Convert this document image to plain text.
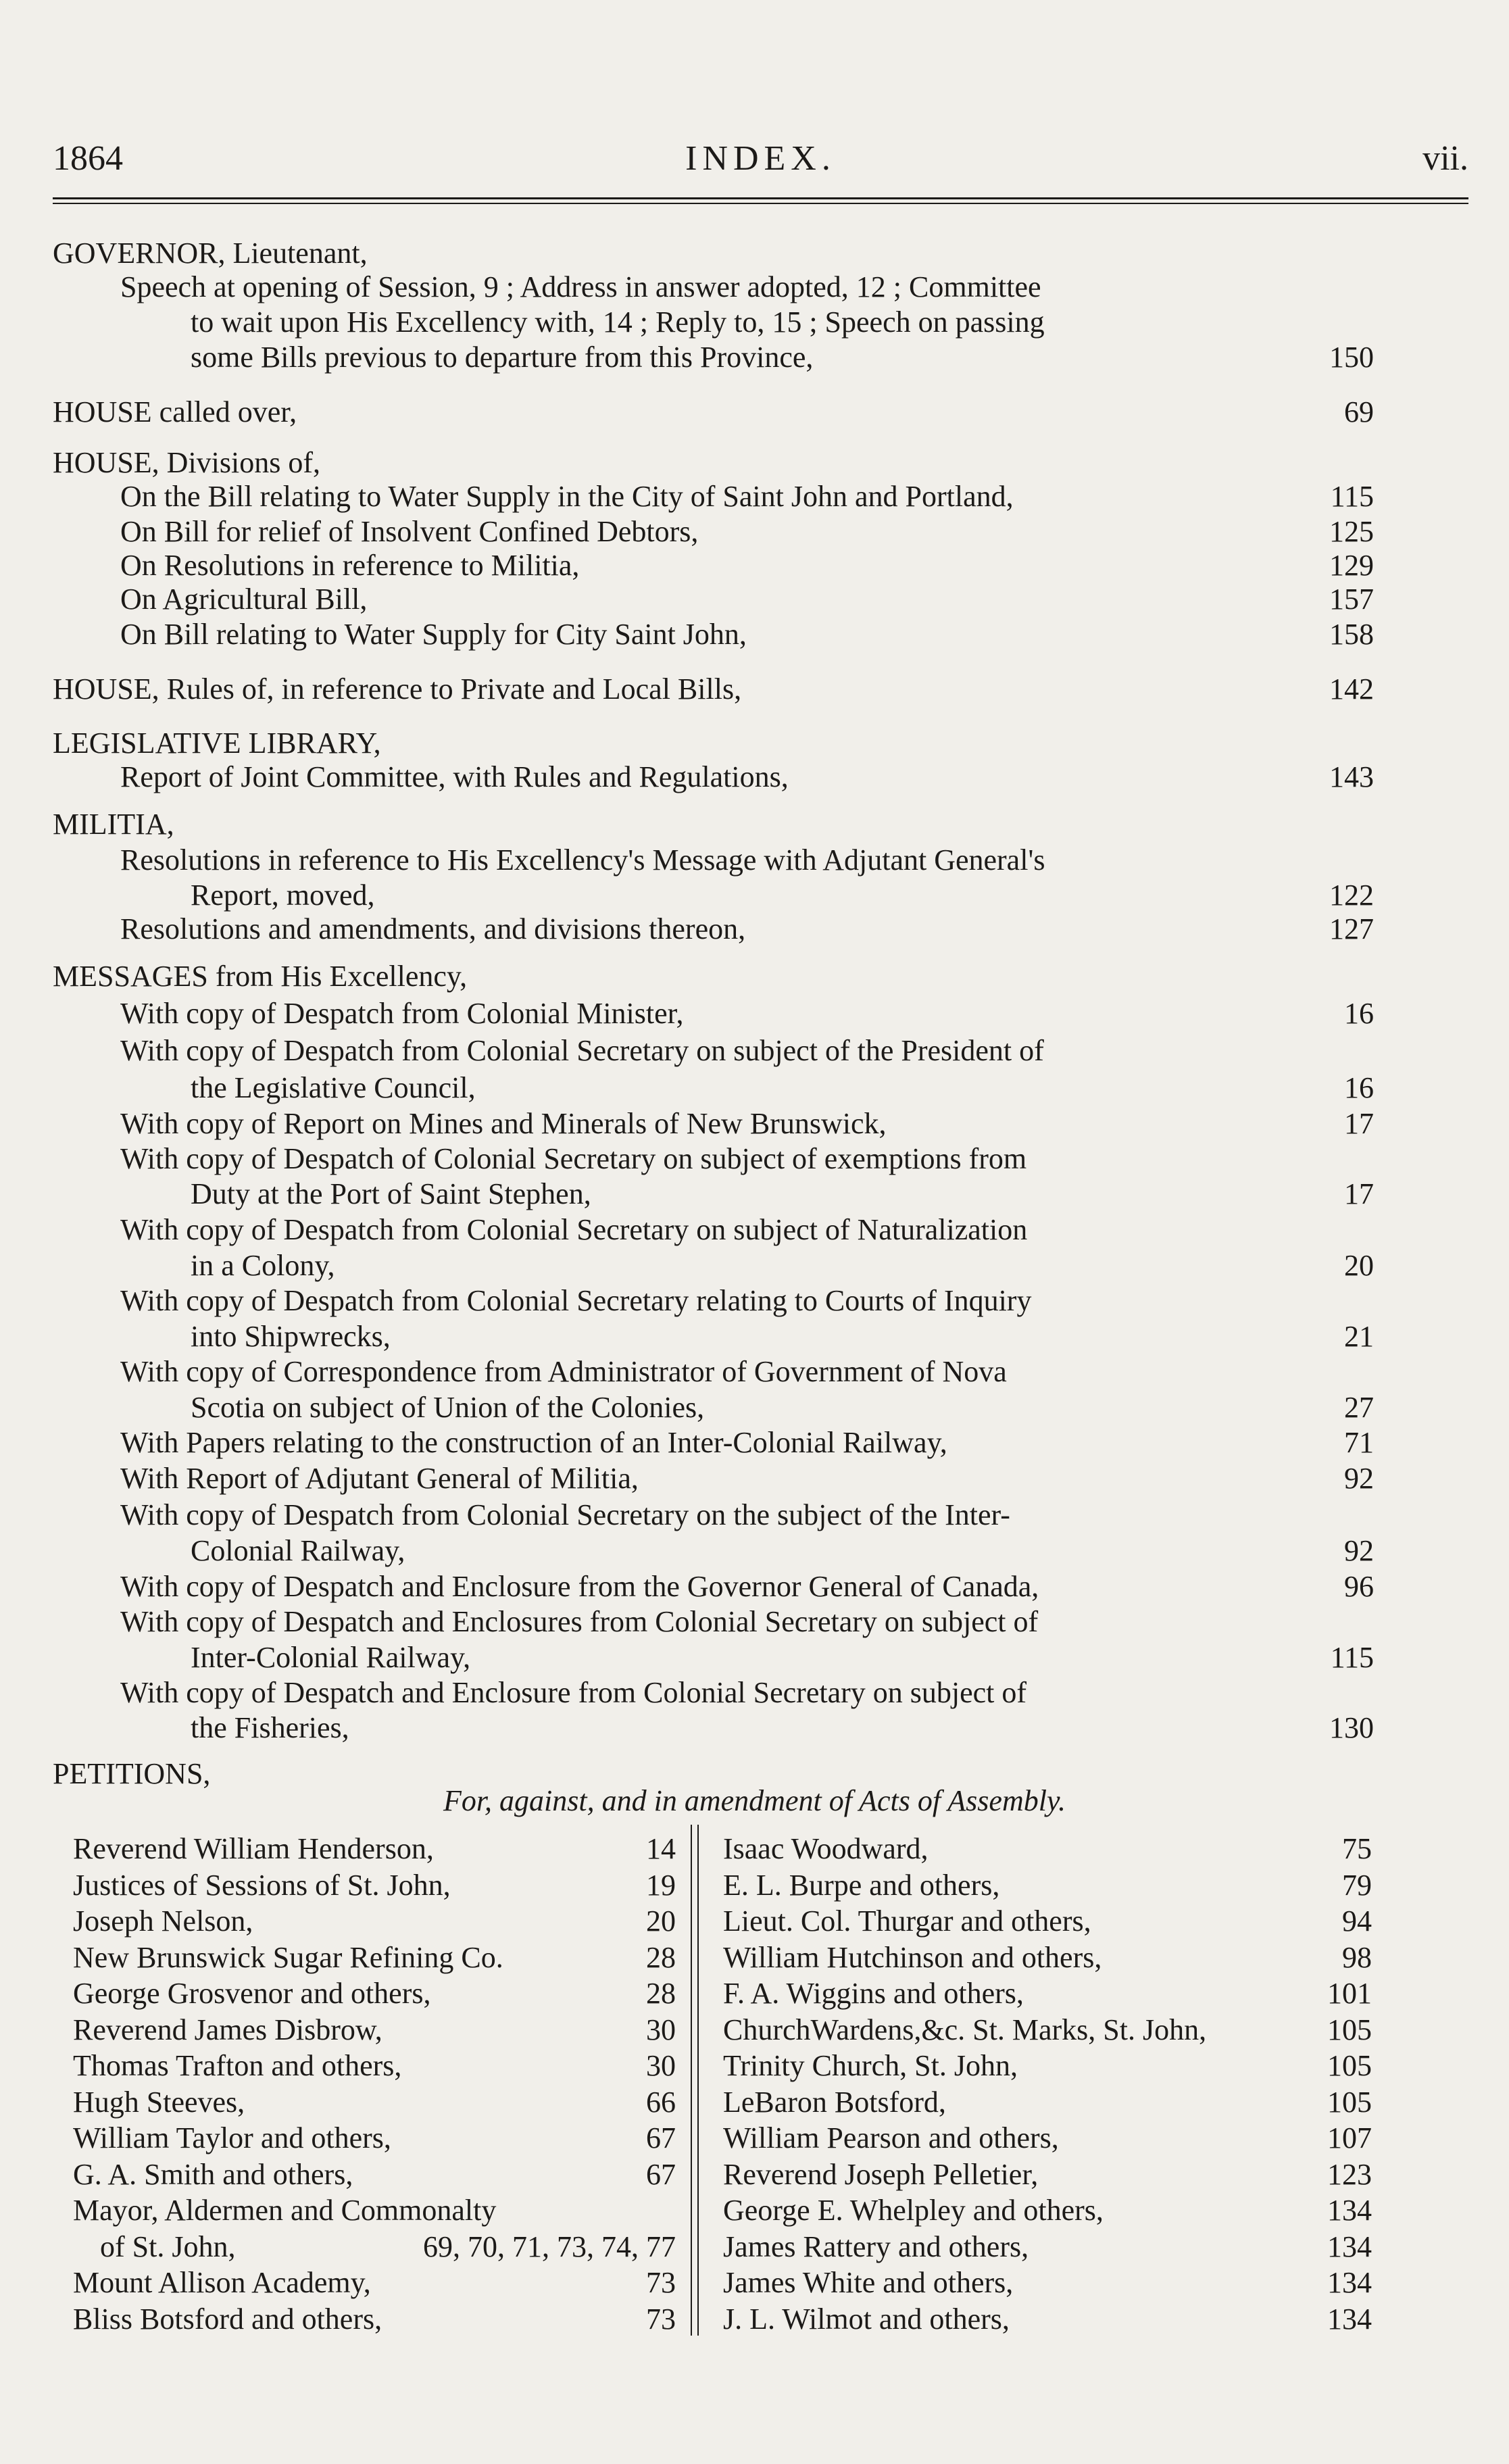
1864	INDEX.	vii.
GOVERNOR, Lieutenant,
Speech at opening of Session, 9 ; Address in answer adopted, 12 ; Committee
to wait upon His Excellency with, 14 ; Reply to, 15 ; Speech on passing
some Bills previous to departure from this Province,	150
HOUSE called over,	69
HOUSE, Divisions of,
On the Bill relating to Water Supply in the City of Saint John and Portland,	115
On Bill for relief of Insolvent Confined Debtors,	125
On Resolutions in reference to Militia,	129
On Agricultural Bill,	157
On Bill relating to Water Supply for City Saint John,	158
HOUSE, Rules of, in reference to Private and Local Bills,	142
LEGISLATIVE LIBRARY,
Report of Joint Committee, with Rules and Regulations,	143
MILITIA,
Resolutions in reference to His Excellency's Message with Adjutant General's
Report, moved,	122
Resolutions and amendments, and divisions thereon,	127
MESSAGES from His Excellency,
With copy of Despatch from Colonial Minister,	16
With copy of Despatch from Colonial Secretary on subject of the President of
the Legislative Council,	16
With copy of Report on Mines and Minerals of New Brunswick,	17
With copy of Despatch of Colonial Secretary on subject of exemptions from
Duty at the Port of Saint Stephen,	17
With copy of Despatch from Colonial Secretary on subject of Naturalization
in a Colony,	20
With copy of Despatch from Colonial Secretary relating to Courts of Inquiry
into Shipwrecks,	21
With copy of Correspondence from Administrator of Government of Nova
Scotia on subject of Union of the Colonies,	27
With Papers relating to the construction of an Inter-Colonial Railway,	71
With Report of Adjutant General of Militia,	92
With copy of Despatch from Colonial Secretary on the subject of the Inter-
Colonial Railway,	92
With copy of Despatch and Enclosure from the Governor General of Canada,	96
With copy of Despatch and Enclosures from Colonial Secretary on subject of
Inter-Colonial Railway,	115
With copy of Despatch and Enclosure from Colonial Secretary on subject of
the Fisheries,	130
PETITIONS,
For, against, and in amendment of Acts of Assembly.
Reverend William Henderson,	14
Justices of Sessions of St. John,	19
Joseph Nelson,	20
New Brunswick Sugar Refining Co.	28
George Grosvenor and others,	28
Reverend James Disbrow,	30
Thomas Trafton and others,	30
Hugh Steeves,	66
William Taylor and others,	67
G. A. Smith and others,	67
Mayor, Aldermen and Commonalty
of St. John,	69, 70, 71, 73, 74, 77
Mount Allison Academy,	73
Bliss Botsford and others,	73
Isaac Woodward,	75
E. L. Burpe and others,	79
Lieut. Col. Thurgar and others,	94
William Hutchinson and others,	98
F. A. Wiggins and others,	101
ChurchWardens,&c. St. Marks, St. John,	105
Trinity Church, St. John,	105
LeBaron Botsford,	105
William Pearson and others,	107
Reverend Joseph Pelletier,	123
George E. Whelpley and others,	134
James Rattery and others,	134
James White and others,	134
J. L. Wilmot and others,	134
